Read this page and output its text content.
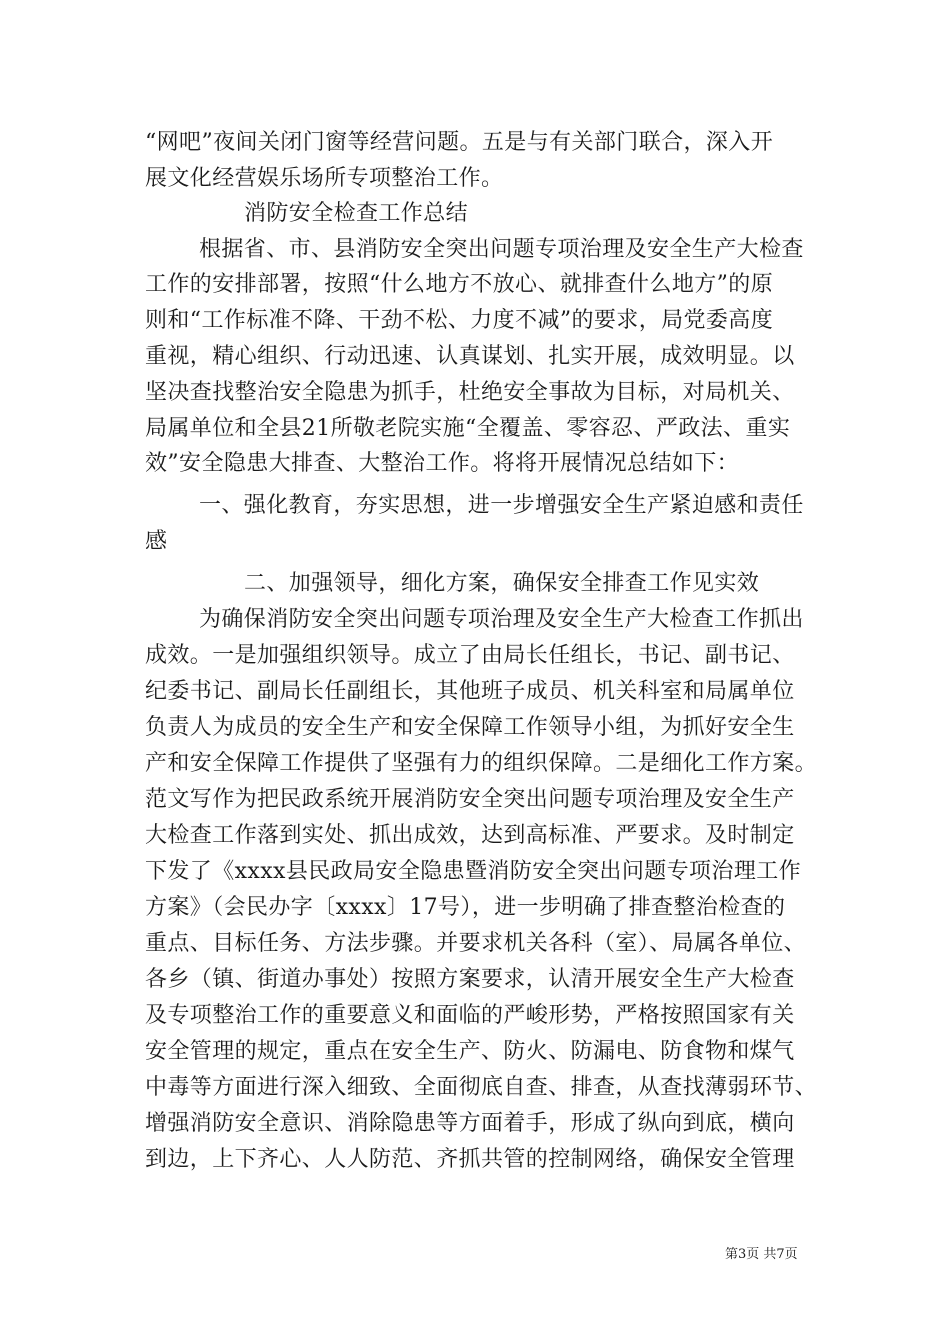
“网吧”夜间关闭门窗等经营问题。五是与有关部门联合，深入开
展文化经营娱乐场所专项整治工作。
消防安全检查工作总结
根据省、市、县消防安全突出问题专项治理及安全生产大检查
工作的安排部署，按照“什么地方不放心、就排查什么地方”的原
则和“工作标准不降、干劲不松、力度不减”的要求，局党委高度
重视，精心组织、行动迅速、认真谋划、扎实开展，成效明显。以
坚决查找整治安全隐患为抓手，杜绝安全事故为目标，对局机关、
局属单位和全县21所敬老院实施“全覆盖、零容忍、严政法、重实
效”安全隐患大排查、大整治工作。将将开展情况总结如下：
一、强化教育，夯实思想，进一步增强安全生产紧迫感和责任
感
二、加强领导，细化方案，确保安全排查工作见实效
为确保消防安全突出问题专项治理及安全生产大检查工作抓出
成效。一是加强组织领导。成立了由局长任组长，书记、副书记、
纪委书记、副局长任副组长，其他班子成员、机关科室和局属单位
负责人为成员的安全生产和安全保障工作领导小组，为抓好安全生
产和安全保障工作提供了坚强有力的组织保障。二是细化工作方案。
范文写作为把民政系统开展消防安全突出问题专项治理及安全生产
大检查工作落到实处、抓出成效，达到高标准、严要求。及时制定
下发了《xxxx县民政局安全隐患暨消防安全突出问题专项治理工作
方案》（会民办字〔xxxx〕17号），进一步明确了排查整治检查的
重点、目标任务、方法步骤。并要求机关各科（室）、局属各单位、
各乡（镇、街道办事处）按照方案要求，认清开展安全生产大检查
及专项整治工作的重要意义和面临的严峻形势，严格按照国家有关
安全管理的规定，重点在安全生产、防火、防漏电、防食物和煤气
中毒等方面进行深入细致、全面彻底自查、排查，从查找薄弱环节、
增强消防安全意识、消除隐患等方面着手，形成了纵向到底，横向
到边，上下齐心、人人防范、齐抓共管的控制网络，确保安全管理
第3页 共7页
